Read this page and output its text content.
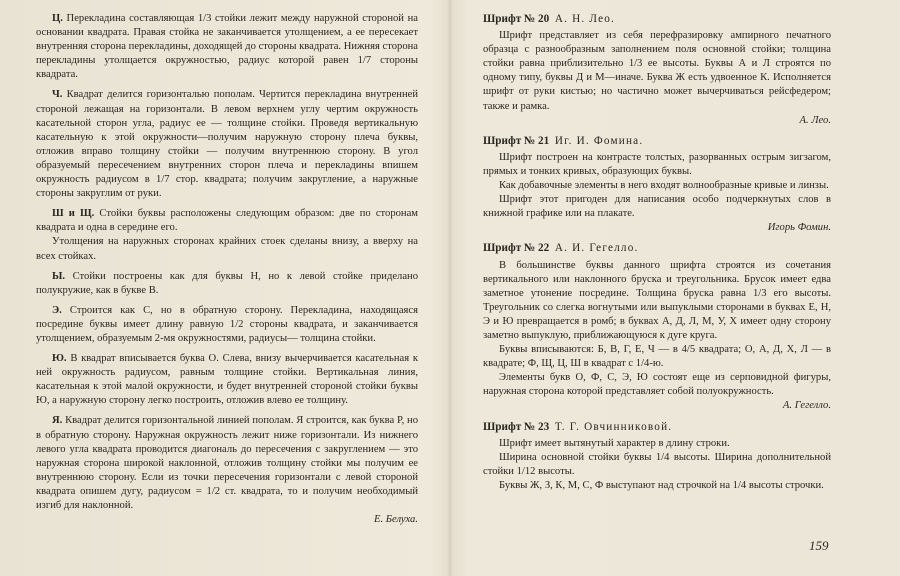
Ц. Перекладина составляющая 1/3 стойки лежит между наружной стороной на основании квадрата. Правая стойка не заканчивается утолщением, а ее пересекает внутренняя сторона перекладины, доходящей до стороны квадрата. Нижняя сторона перекладины утолщается окружностью, радиус которой равен 1/7 стороны квадрата.

Ч. Квадрат делится горизонталью пополам. Чертится перекладина внутренней стороной лежащая на горизонтали. В левом верхнем углу чертим окружность касательной сторон угла, радиус ее — толщине стойки. Проведя вертикальную касательную к этой окружности—получим наружную сторону плеча буквы, отложив вправо толщину стойки — получим внутреннюю сторону. В угол образуемый пересечением внутренних сторон плеча и перекладины впишем окружность радиусом в 1/7 стор. квадрата; получим закругление, а наружные стороны закруглим от руки.

Ш и Щ. Стойки буквы расположены следующим образом: две по сторонам квадрата и одна в середине его.

Утолщения на наружных сторонах крайних стоек сделаны внизу, а вверху на всех стойках.

Ы. Стойки построены как для буквы Н, но к левой стойке приделано полукружие, как в букве В.

Э. Строится как С, но в обратную сторону. Перекладина, находящаяся посредине буквы имеет длину равную 1/2 стороны квадрата, и заканчивается утолщением, образуемым 2-мя окружностями, радиусы— толщина стойки.

Ю. В квадрат вписывается буква О. Слева, внизу вычерчивается касательная к ней окружность радиусом, равным толщине стойки. Вертикальная линия, касательная к этой малой окружности, и будет внутренней стороной стойки буквы Ю, а наружную сторону легко построить, отложив влево ее толщину.

Я. Квадрат делится горизонтальной линией пополам. Я строится, как буква Р, но в обратную сторону. Наружная окружность лежит ниже горизонтали. Из нижнего левого угла квадрата проводится диагональ до пересечения с закруглением — это наружная сторона широкой наклонной, отложив толщину стойки мы получим ее внутреннюю сторону. Если из точки пересечения горизонтали с левой стороной квадрата опишем дугу, радиусом = 1/2 ст. квадрата, то и получим необходимый изгиб для наклонной.

Е. Белуха.

Шрифт № 20 А. Н. Лео.

Шрифт представляет из себя перефразировку ампирного печатного образца с разнообразным заполнением поля основной стойки; толщина стойки равна приблизительно 1/3 ее высоты. Буквы А и Л строятся по одному типу, буквы Д и М—иначе. Буква Ж есть удвоенное К. Исполняется шрифт от руки кистью; но частично может вычерчиваться рейсфедером; также и рамка.

А. Лео.

Шрифт № 21 Иг. И. Фомина.

Шрифт построен на контрасте толстых, разорванных острым зигзагом, прямых и тонких кривых, образующих буквы.

Как добавочные элементы в него входят волнообразные кривые и линзы.

Шрифт этот пригоден для написания особо подчеркнутых слов в книжной графике или на плакате.

Игорь Фомин.

Шрифт № 22 А. И. Гегелло.

В большинстве буквы данного шрифта строятся из сочетания вертикального или наклонного бруска и треугольника. Брусок имеет едва заметное утонение посредине. Толщина бруска равна 1/3 его высоты. Треугольник со слегка вогнутыми или выпуклыми сторонами в буквах Е, Н, Э и Ю превращается в ромб; в буквах А, Д, Л, М, У, Х имеет одну сторону заметно выпуклую, приближающуюся к дуге круга.

Буквы вписываются: Б, В, Г, Е, Ч — в 4/5 квадрата; О, А, Д, Х, Л — в квадрате; Ф, Щ, Ц, Ш в квадрат с 1/4-ю.

Элементы букв О, Ф, С, Э, Ю состоят еще из серповидной фигуры, наружная сторона которой представляет собой полуокружность.

А. Гегелло.

Шрифт № 23 Т. Г. Овчинниковой.

Шрифт имеет вытянутый характер в длину строки.

Ширина основной стойки буквы 1/4 высоты. Ширина дополнительной стойки 1/12 высоты.

Буквы Ж, З, К, М, С, Ф выступают над строчкой на 1/4 высоты строчки.

159
